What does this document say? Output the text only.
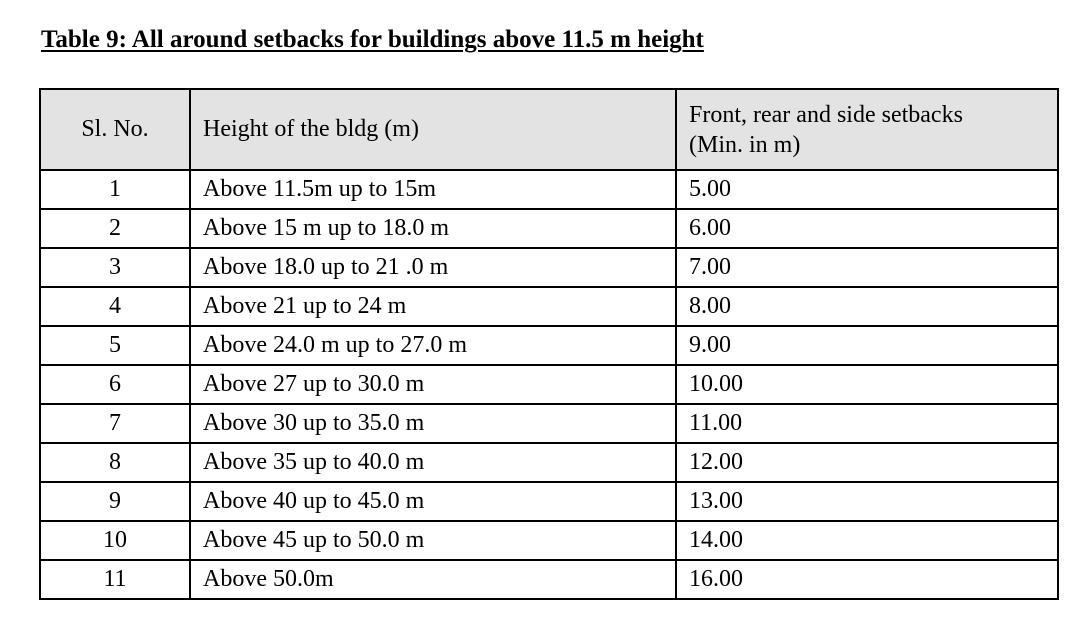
Table 9: All around setbacks for buildings above 11.5 m height
Sl. No.	Height of the bldg (m)	Front, rear and side setbacks
(Min. in m)
1	Above 11.5m up to 15m	5.00
2	Above 15 m up to 18.0 m	6.00
3	Above 18.0 up to 21 .0 m	7.00
4	Above 21 up to 24 m	8.00
5	Above 24.0 m up to 27.0 m	9.00
6	Above 27 up to 30.0 m	10.00
7	Above 30 up to 35.0 m	11.00
8	Above 35 up to 40.0 m	12.00
9	Above 40 up to 45.0 m	13.00
10	Above 45 up to 50.0 m	14.00
11	Above 50.0m	16.00
